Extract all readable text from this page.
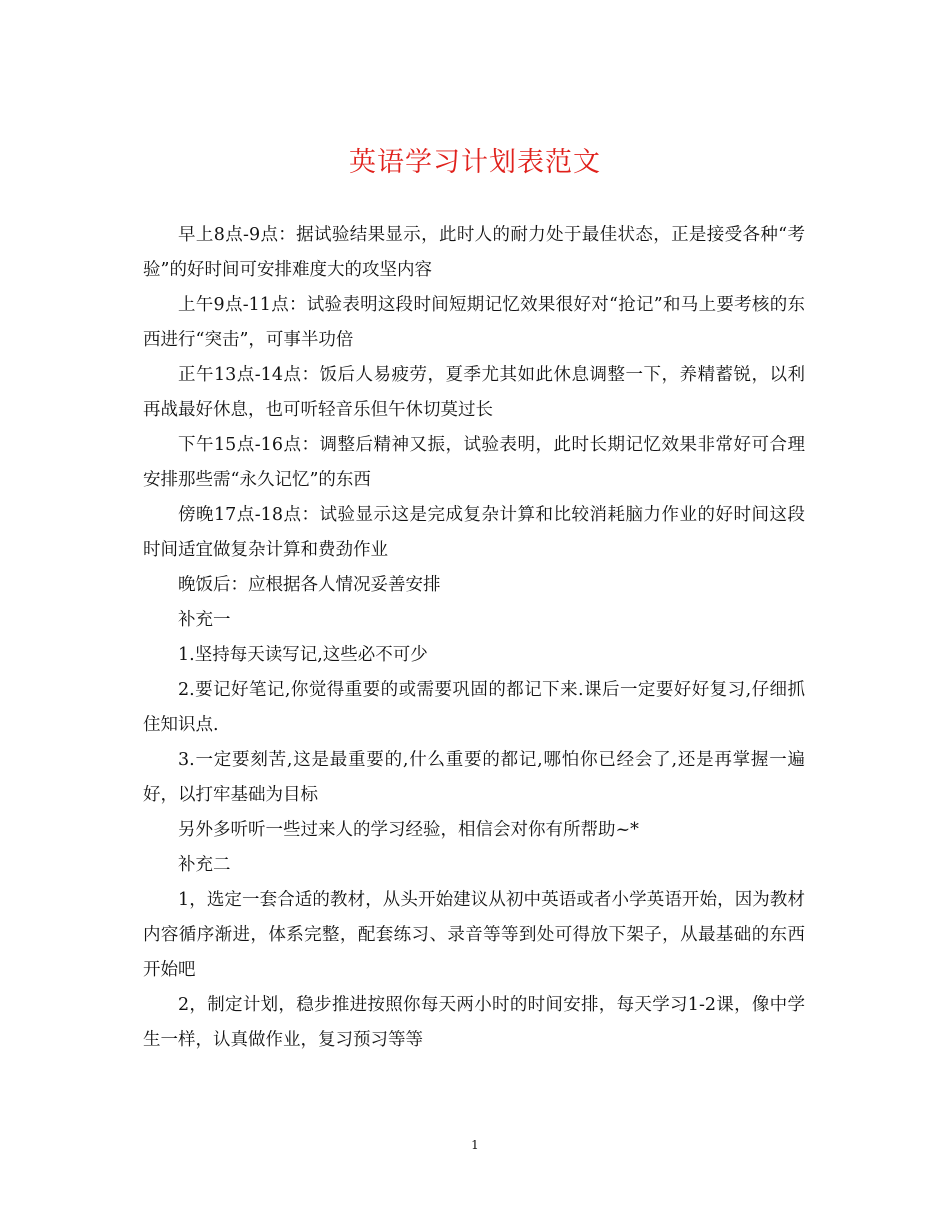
英语学习计划表范文

早上8点-9点：据试验结果显示，此时人的耐力处于最佳状态，正是接受各种“考验”的好时间可安排难度大的攻坚内容

上午9点-11点：试验表明这段时间短期记忆效果很好对“抢记”和马上要考核的东西进行“突击”，可事半功倍

正午13点-14点：饭后人易疲劳，夏季尤其如此休息调整一下，养精蓄锐，以利再战最好休息，也可听轻音乐但午休切莫过长

下午15点-16点：调整后精神又振，试验表明，此时长期记忆效果非常好可合理安排那些需“永久记忆”的东西

傍晚17点-18点：试验显示这是完成复杂计算和比较消耗脑力作业的好时间这段时间适宜做复杂计算和费劲作业

晚饭后：应根据各人情况妥善安排

补充一

1.坚持每天读写记,这些必不可少

2.要记好笔记,你觉得重要的或需要巩固的都记下来.课后一定要好好复习,仔细抓住知识点.

3.一定要刻苦,这是最重要的,什么重要的都记,哪怕你已经会了,还是再掌握一遍好，以打牢基础为目标

另外多听听一些过来人的学习经验，相信会对你有所帮助~*

补充二

1，选定一套合适的教材，从头开始建议从初中英语或者小学英语开始，因为教材内容循序渐进，体系完整，配套练习、录音等等到处可得放下架子，从最基础的东西开始吧

2，制定计划，稳步推进按照你每天两小时的时间安排，每天学习1-2课，像中学生一样，认真做作业，复习预习等等

1
